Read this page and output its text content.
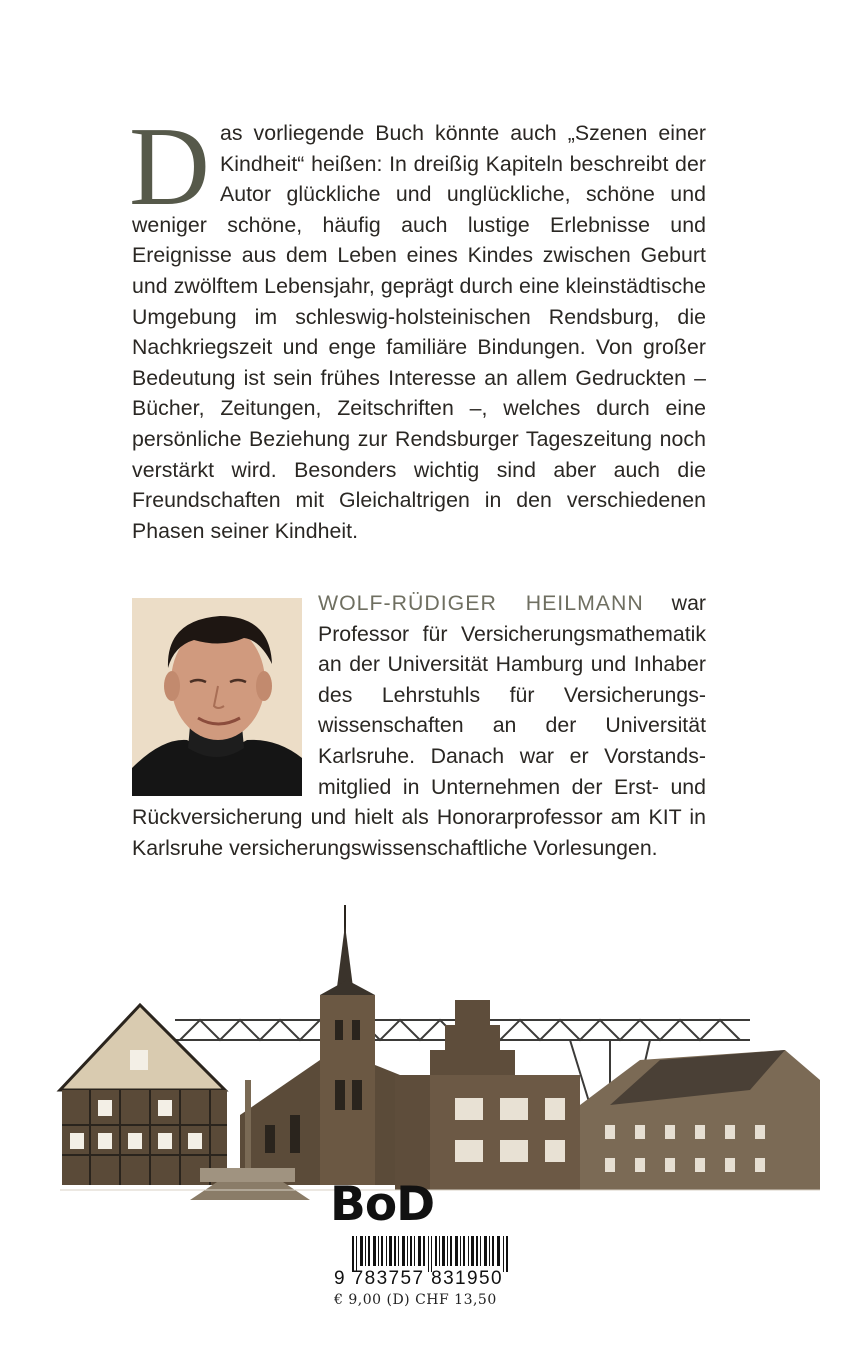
D as vorliegende Buch könnte auch „Szenen einer Kindheit“ heißen: In dreißig Kapiteln beschreibt der Autor glückliche und unglückliche, schöne und weniger schöne, häufig auch lustige Erlebnisse und Ereignisse aus dem Leben eines Kindes zwischen Geburt und zwölftem Lebensjahr, geprägt durch eine kleinstädtische Umgebung im schleswig-holsteinischen Rendsburg, die Nachkriegszeit und enge familiäre Bindungen. Von großer Bedeutung ist sein frühes Interesse an allem Gedruckten – Bücher, Zeitungen, Zeitschriften –, welches durch eine persönliche Beziehung zur Rendsburger Tageszeitung noch verstärkt wird. Besonders wichtig sind aber auch die Freundschaften mit Gleichaltrigen in den verschiedenen Phasen seiner Kindheit.
WOLF-RÜDIGER HEILMANN war Professor für Versicherungsmathematik an der Universität Hamburg und Inhaber des Lehrstuhls für Versicherungswissenschaften an der Universität Karlsruhe. Danach war er Vorstandsmitglied in Unternehmen der Erst- und Rückversicherung und hielt als Honorarprofessor am KIT in Karlsruhe versicherungswissenschaftliche Vorlesungen.
BoD
9 783757 831950
€ 9,00 (D) CHF 13,50
